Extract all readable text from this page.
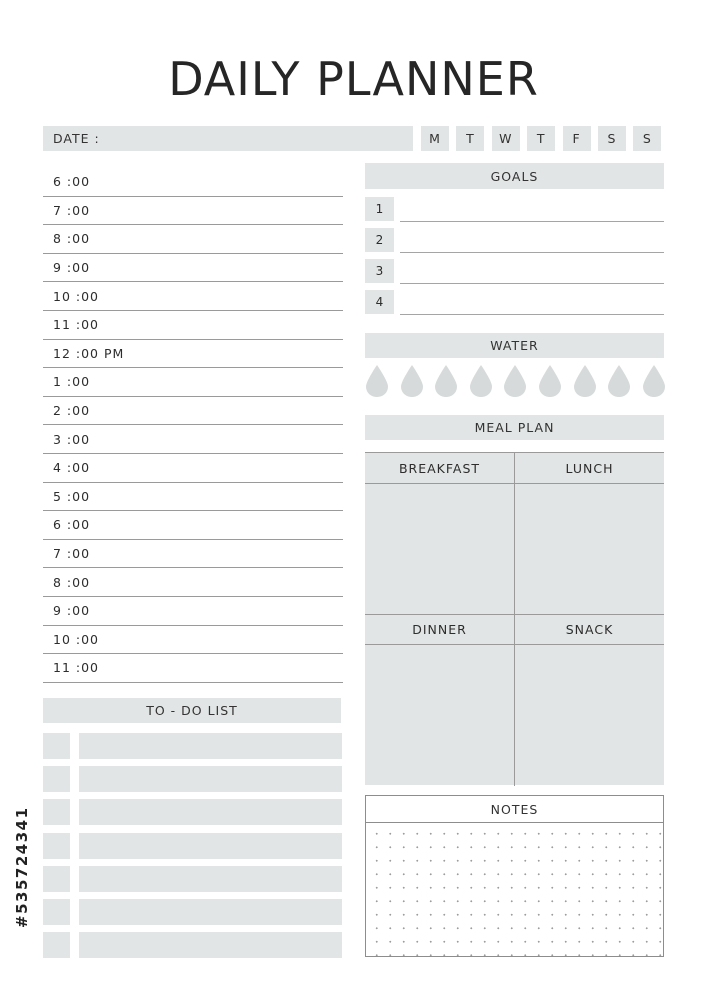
DAILY PLANNER
DATE :	M	T	W	T	F	S	S
6 :00
7 :00
8 :00
9 :00
10 :00
11 :00
12 :00 PM
1 :00
2 :00
3 :00
4 :00
5 :00
6 :00
7 :00
8 :00
9 :00
10 :00
11 :00
GOALS
1
2
3
4
WATER
MEAL PLAN
BREAKFAST	LUNCH
DINNER	SNACK
TO - DO LIST
NOTES
#535724341
